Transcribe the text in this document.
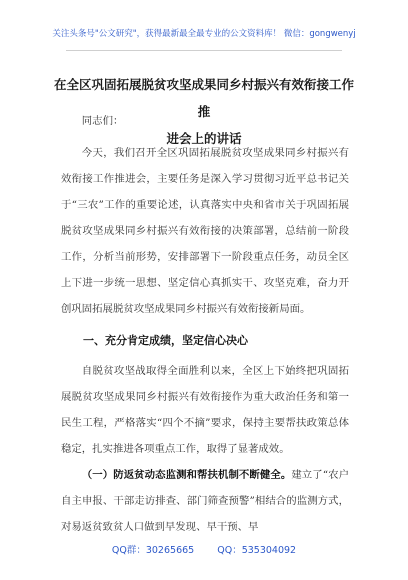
关注头条号"公文研究"，获得最新最全最专业的公文资料库！ 微信：gongwenyj
在全区巩固拓展脱贫攻坚成果同乡村振兴有效衔接工作推
进会上的讲话

同志们：

今天，我们召开全区巩固拓展脱贫攻坚成果同乡村振兴有效衔接工作推进会，主要任务是深入学习贯彻习近平总书记关于“三农”工作的重要论述，认真落实中央和省市关于巩固拓展脱贫攻坚成果同乡村振兴有效衔接的决策部署，总结前一阶段工作，分析当前形势，安排部署下一阶段重点任务，动员全区上下进一步统一思想、坚定信心真抓实干、攻坚克难，奋力开创巩固拓展脱贫攻坚成果同乡村振兴有效衔接新局面。

一、充分肯定成绩，坚定信心决心

自脱贫攻坚战取得全面胜利以来，全区上下始终把巩固拓展脱贫攻坚成果同乡村振兴有效衔接作为重大政治任务和第一民生工程，严格落实“四个不摘”要求，保持主要帮扶政策总体稳定，扎实推进各项重点工作，取得了显著成效。

（一）防返贫动态监测和帮扶机制不断健全。建立了“农户自主申报、干部走访排查、部门筛查预警”相结合的监测方式，对易返贫致贫人口做到早发现、早干预、早

QQ群：30265665 QQ：535304092
